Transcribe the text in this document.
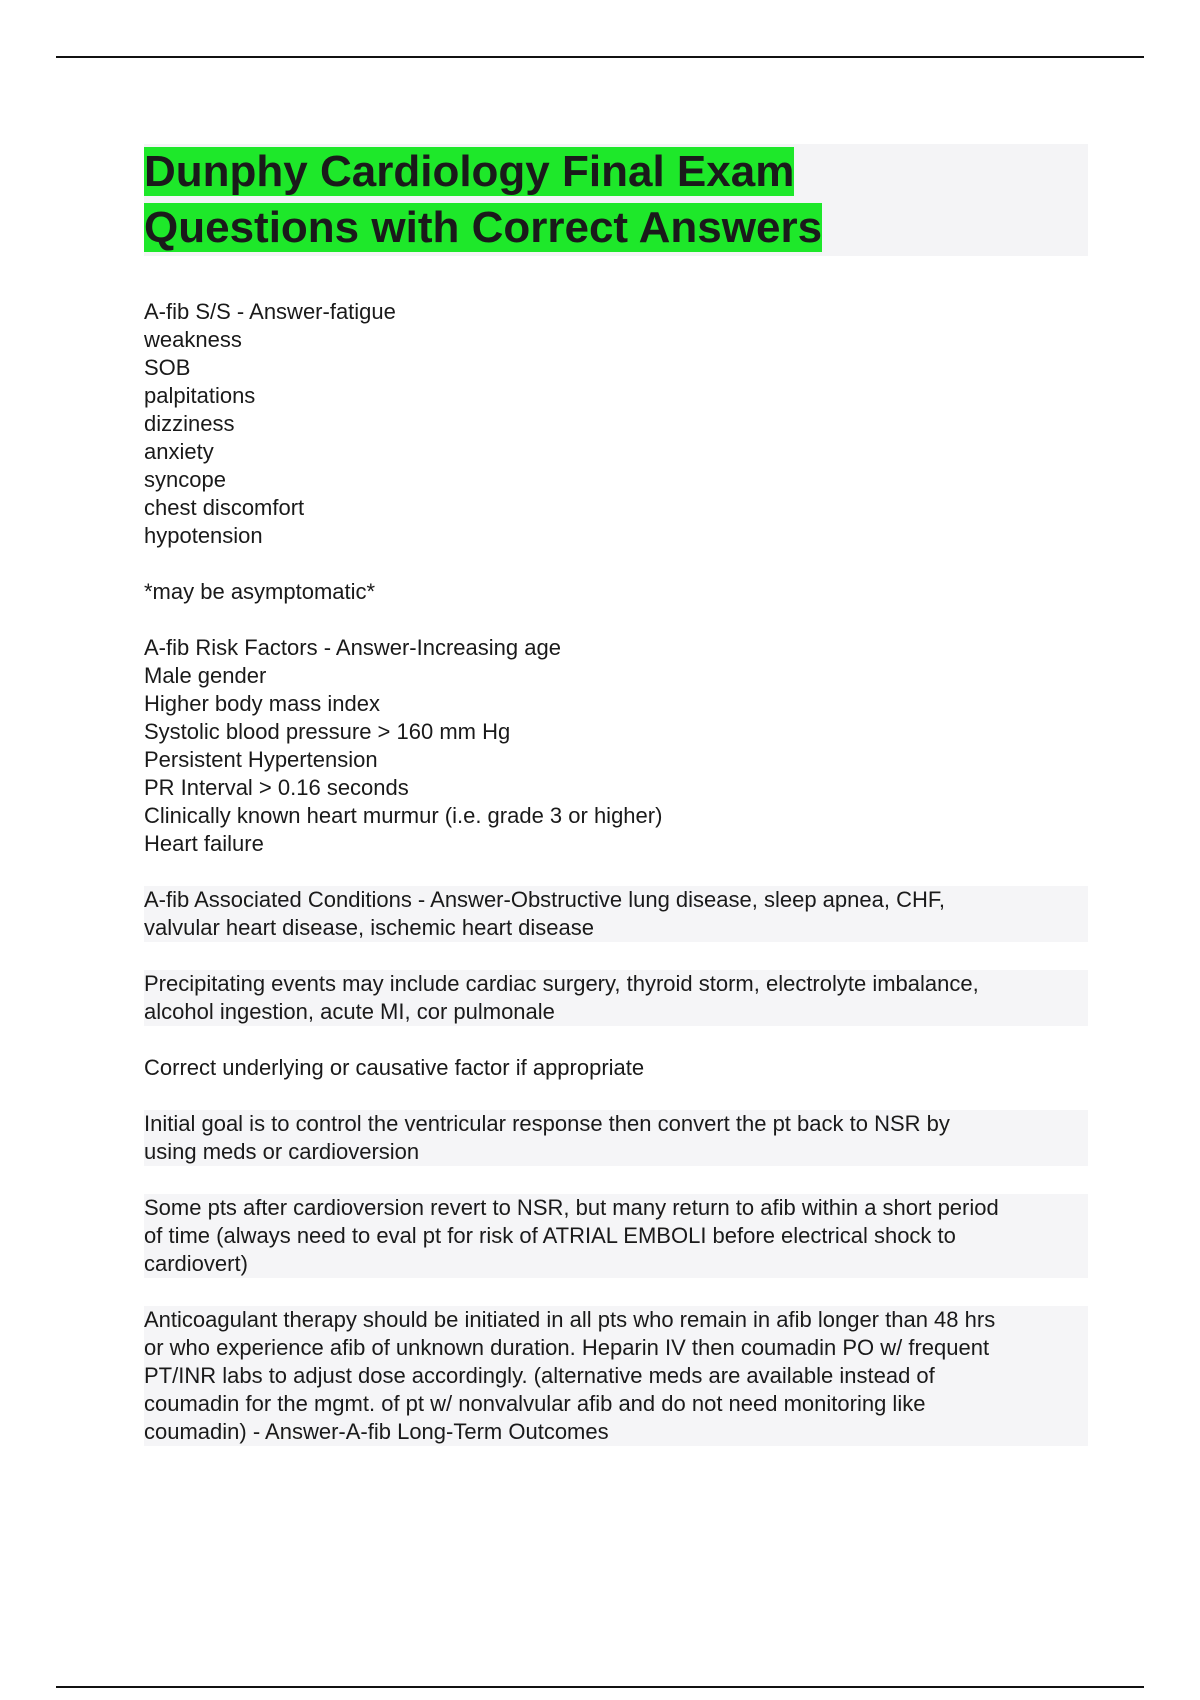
Dunphy Cardiology Final Exam
Questions with Correct Answers
A-fib S/S - Answer-fatigue
weakness
SOB
palpitations
dizziness
anxiety
syncope
chest discomfort
hypotension
*may be asymptomatic*
A-fib Risk Factors - Answer-Increasing age
Male gender
Higher body mass index
Systolic blood pressure > 160 mm Hg
Persistent Hypertension
PR Interval > 0.16 seconds
Clinically known heart murmur (i.e. grade 3 or higher)
Heart failure
A-fib Associated Conditions - Answer-Obstructive lung disease, sleep apnea, CHF,
valvular heart disease, ischemic heart disease
Precipitating events may include cardiac surgery, thyroid storm, electrolyte imbalance,
alcohol ingestion, acute MI, cor pulmonale
Correct underlying or causative factor if appropriate
Initial goal is to control the ventricular response then convert the pt back to NSR by
using meds or cardioversion
Some pts after cardioversion revert to NSR, but many return to afib within a short period
of time (always need to eval pt for risk of ATRIAL EMBOLI before electrical shock to
cardiovert)
Anticoagulant therapy should be initiated in all pts who remain in afib longer than 48 hrs
or who experience afib of unknown duration. Heparin IV then coumadin PO w/ frequent
PT/INR labs to adjust dose accordingly. (alternative meds are available instead of
coumadin for the mgmt. of pt w/ nonvalvular afib and do not need monitoring like
coumadin) - Answer-A-fib Long-Term Outcomes
